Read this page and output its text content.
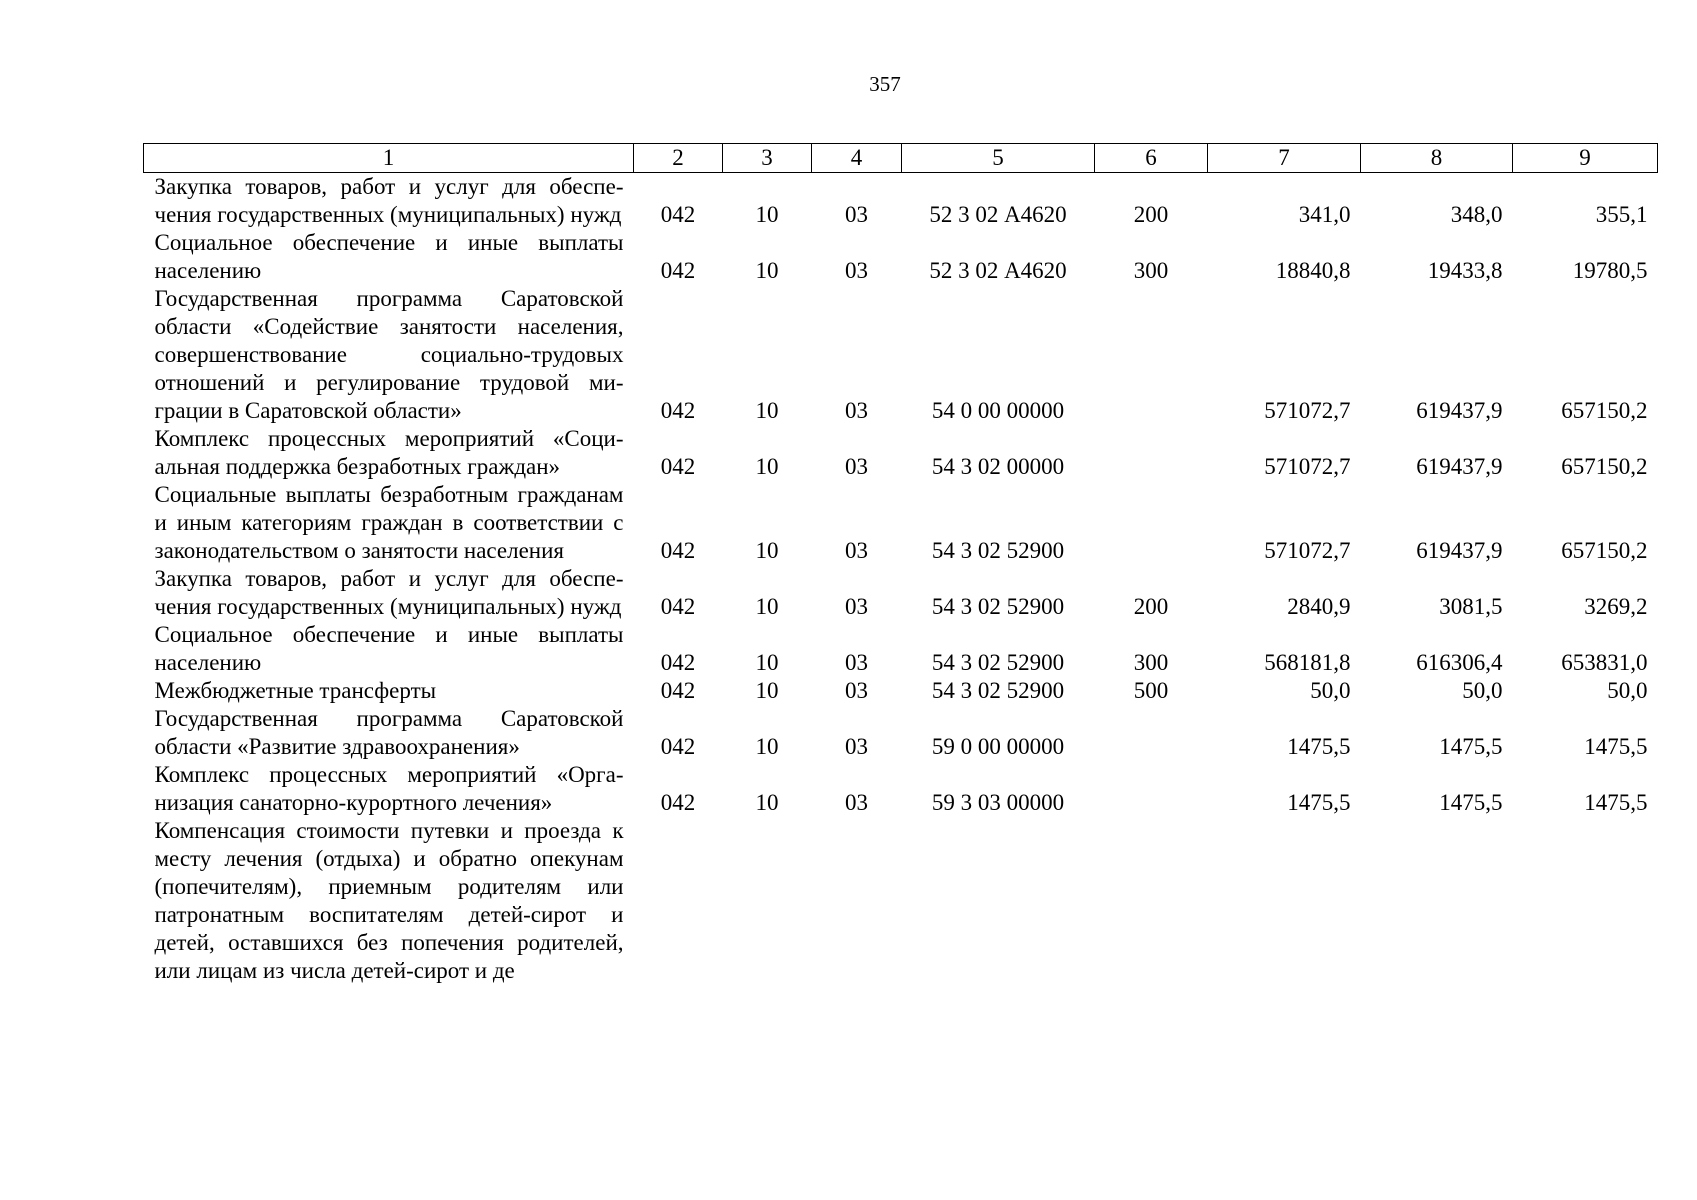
357
1	2	3	4	5	6	7	8	9
Закупка товаров, работ и услуг для обеспечения государственных (муниципальных) нужд	042	10	03	52 3 02 А4620	200	341,0	348,0	355,1
Социальное обеспечение и иные выплаты населению	042	10	03	52 3 02 А4620	300	18840,8	19433,8	19780,5
Государственная программа Саратовской области «Содействие занятости населения, совершенствование социально-трудовых отношений и регулирование трудовой миграции в Саратовской области»	042	10	03	54 0 00 00000		571072,7	619437,9	657150,2
Комплекс процессных мероприятий «Социальная поддержка безработных граждан»	042	10	03	54 3 02 00000		571072,7	619437,9	657150,2
Социальные выплаты безработным гражданам и иным категориям граждан в соответствии с законодательством о занятости населения	042	10	03	54 3 02 52900		571072,7	619437,9	657150,2
Закупка товаров, работ и услуг для обеспечения государственных (муниципальных) нужд	042	10	03	54 3 02 52900	200	2840,9	3081,5	3269,2
Социальное обеспечение и иные выплаты населению	042	10	03	54 3 02 52900	300	568181,8	616306,4	653831,0
Межбюджетные трансферты	042	10	03	54 3 02 52900	500	50,0	50,0	50,0
Государственная программа Саратовской области «Развитие здравоохранения»	042	10	03	59 0 00 00000		1475,5	1475,5	1475,5
Комплекс процессных мероприятий «Организация санаторно-курортного лечения»	042	10	03	59 3 03 00000		1475,5	1475,5	1475,5
Компенсация стоимости путевки и проезда к месту лечения (отдыха) и обратно опекунам (попечителям), приемным родителям или патронатным воспитателям детей-сирот и детей, оставшихся без попечения родителей, или лицам из числа детей-сирот и де								
